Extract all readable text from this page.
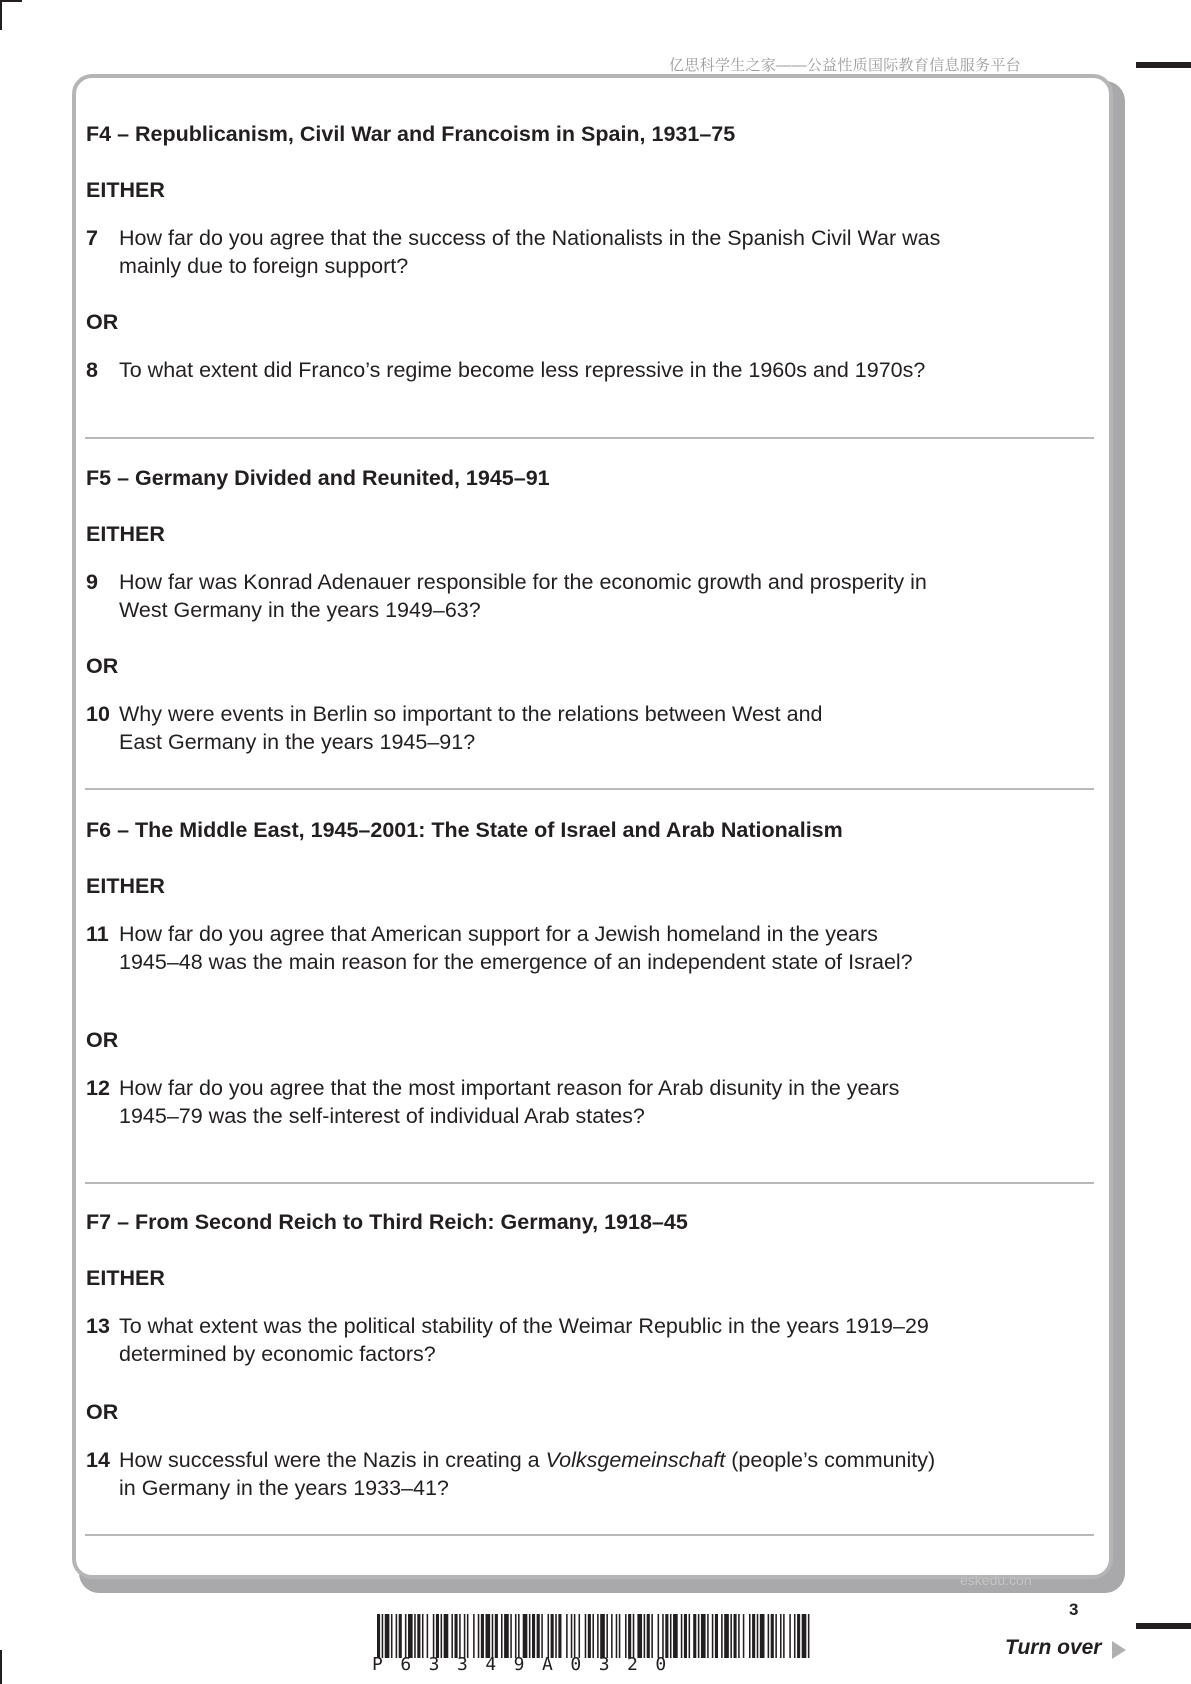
亿思科学生之家——公益性质国际教育信息服务平台

F4 – Republicanism, Civil War and Francoism in Spain, 1931–75

EITHER

7 How far do you agree that the success of the Nationalists in the Spanish Civil War was

mainly due to foreign support?

OR

8 To what extent did Franco’s regime become less repressive in the 1960s and 1970s?

F5 – Germany Divided and Reunited, 1945–91

EITHER

9 How far was Konrad Adenauer responsible for the economic growth and prosperity in

West Germany in the years 1949–63?

OR

10 Why were events in Berlin so important to the relations between West and

East Germany in the years 1945–91?

F6 – The Middle East, 1945–2001: The State of Israel and Arab Nationalism

EITHER

11 How far do you agree that American support for a Jewish homeland in the years

1945–48 was the main reason for the emergence of an independent state of Israel?

OR

12 How far do you agree that the most important reason for Arab disunity in the years

1945–79 was the self-interest of individual Arab states?

F7 – From Second Reich to Third Reich: Germany, 1918–45

EITHER

13 To what extent was the political stability of the Weimar Republic in the years 1919–29

determined by economic factors?

OR

14 How successful were the Nazis in creating a Volksgemeinschaft (people’s community)

in Germany in the years 1933–41?

eskedu.con
P63349A0320
3
Turn over
